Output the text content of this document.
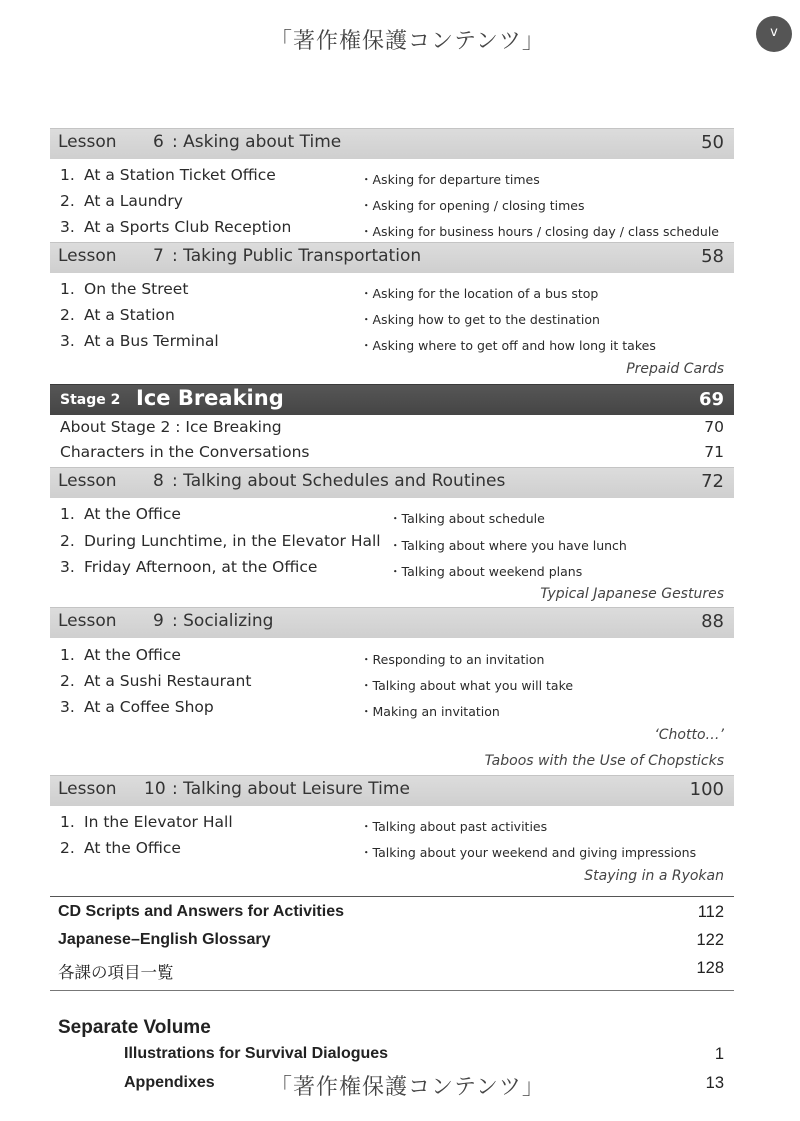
「著作権保護コンテンツ」	v
Lesson 6 : Asking about Time	50
1. At a Station Ticket Office	・Asking for departure times
2. At a Laundry	・Asking for opening / closing times
3. At a Sports Club Reception	・Asking for business hours / closing day / class schedule
Lesson 7 : Taking Public Transportation	58
1. On the Street	・Asking for the location of a bus stop
2. At a Station	・Asking how to get to the destination
3. At a Bus Terminal	・Asking where to get off and how long it takes
Prepaid Cards
Stage 2 Ice Breaking	69
About Stage 2 : Ice Breaking	70
Characters in the Conversations	71
Lesson 8 : Talking about Schedules and Routines	72
1. At the Office	・Talking about schedule
2. During Lunchtime, in the Elevator Hall ・Talking about where you have lunch
3. Friday Afternoon, at the Office	・Talking about weekend plans
Typical Japanese Gestures
Lesson 9 : Socializing	88
1. At the Office	・Responding to an invitation
2. At a Sushi Restaurant	・Talking about what you will take
3. At a Coffee Shop	・Making an invitation
‘Chotto…’
Taboos with the Use of Chopsticks
Lesson 10 : Talking about Leisure Time	100
1. In the Elevator Hall	・Talking about past activities
2. At the Office	・Talking about your weekend and giving impressions
Staying in a Ryokan
CD Scripts and Answers for Activities	112
Japanese–English Glossary	122
各課の項目一覧	128
Separate Volume
Illustrations for Survival Dialogues	1
Appendixes	13
「著作権保護コンテンツ」
